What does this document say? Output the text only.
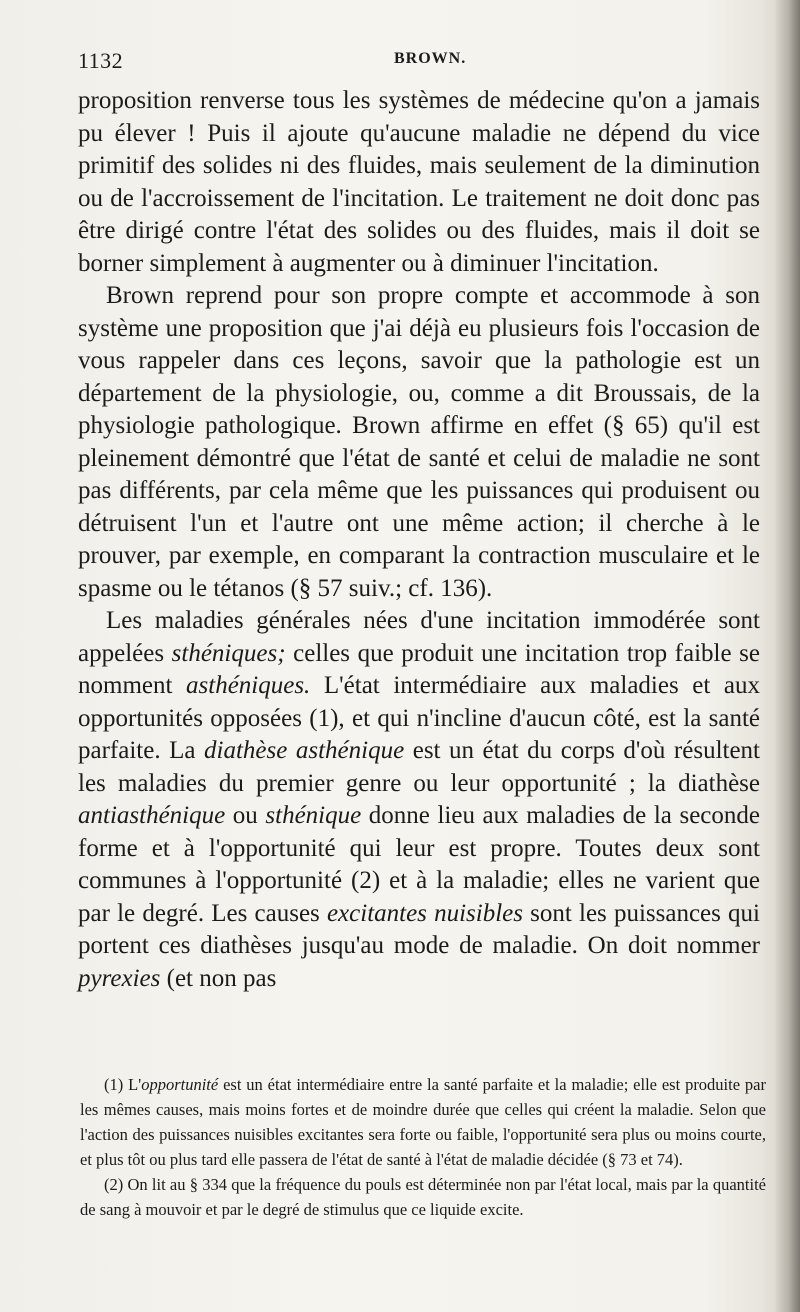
1132	BROWN.

proposition renverse tous les systèmes de médecine qu'on a jamais pu élever ! Puis il ajoute qu'aucune maladie ne dépend du vice primitif des solides ni des fluides, mais seulement de la diminution ou de l'accroissement de l'incitation. Le traitement ne doit donc pas être dirigé contre l'état des solides ou des fluides, mais il doit se borner simplement à augmenter ou à diminuer l'incitation.

Brown reprend pour son propre compte et accommode à son système une proposition que j'ai déjà eu plusieurs fois l'occasion de vous rappeler dans ces leçons, savoir que la pathologie est un département de la physiologie, ou, comme a dit Broussais, de la physiologie pathologique. Brown affirme en effet (§ 65) qu'il est pleinement démontré que l'état de santé et celui de maladie ne sont pas différents, par cela même que les puissances qui produisent ou détruisent l'un et l'autre ont une même action; il cherche à le prouver, par exemple, en comparant la contraction musculaire et le spasme ou le tétanos (§ 57 suiv.; cf. 136).

Les maladies générales nées d'une incitation immodérée sont appelées sthéniques; celles que produit une incitation trop faible se nomment asthéniques. L'état intermédiaire aux maladies et aux opportunités opposées (1), et qui n'incline d'aucun côté, est la santé parfaite. La diathèse asthénique est un état du corps d'où résultent les maladies du premier genre ou leur opportunité ; la diathèse antiasthénique ou sthénique donne lieu aux maladies de la seconde forme et à l'opportunité qui leur est propre. Toutes deux sont communes à l'opportunité (2) et à la maladie; elles ne varient que par le degré. Les causes excitantes nuisibles sont les puissances qui portent ces diathèses jusqu'au mode de maladie. On doit nommer pyrexies (et non pas

(1) L'opportunité est un état intermédiaire entre la santé parfaite et la maladie; elle est produite par les mêmes causes, mais moins fortes et de moindre durée que celles qui créent la maladie. Selon que l'action des puissances nuisibles excitantes sera forte ou faible, l'opportunité sera plus ou moins courte, et plus tôt ou plus tard elle passera de l'état de santé à l'état de maladie décidée (§ 73 et 74).

(2) On lit au § 334 que la fréquence du pouls est déterminée non par l'état local, mais par la quantité de sang à mouvoir et par le degré de stimulus que ce liquide excite.
